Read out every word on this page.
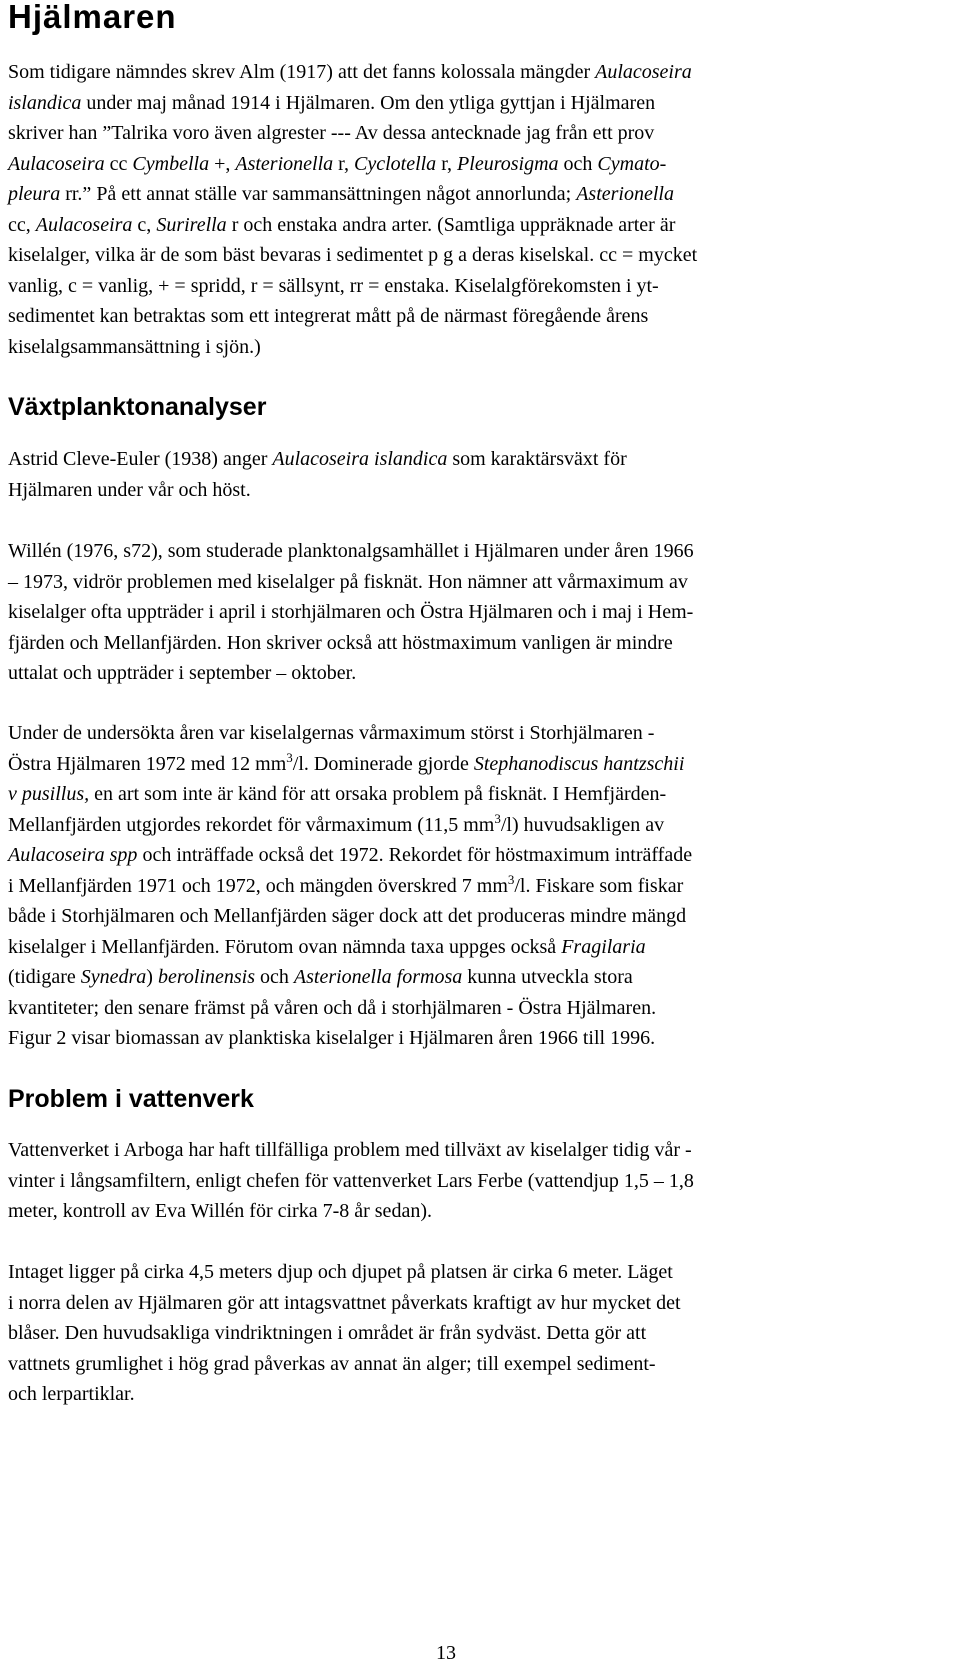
Hjälmaren
Som tidigare nämndes skrev Alm (1917) att det fanns kolossala mängder Aulacoseira
islandica under maj månad 1914 i Hjälmaren. Om den ytliga gyttjan i Hjälmaren
skriver han ”Talrika voro även algrester --- Av dessa antecknade jag från ett prov
Aulacoseira cc Cymbella +, Asterionella r, Cyclotella r, Pleurosigma och Cymato-
pleura rr.” På ett annat ställe var sammansättningen något annorlunda; Asterionella
cc, Aulacoseira c, Surirella r och enstaka andra arter. (Samtliga uppräknade arter är
kiselalger, vilka är de som bäst bevaras i sedimentet p g a deras kiselskal. cc = mycket
vanlig, c = vanlig, + = spridd, r = sällsynt, rr = enstaka. Kiselalgförekomsten i yt-
sedimentet kan betraktas som ett integrerat mått på de närmast föregående årens
kiselalgsammansättning i sjön.)
Växtplanktonanalyser
Astrid Cleve-Euler (1938) anger Aulacoseira islandica som karaktärsväxt för
Hjälmaren under vår och höst.
Willén (1976, s72), som studerade planktonalgsamhället i Hjälmaren under åren 1966
– 1973, vidrör problemen med kiselalger på fisknät. Hon nämner att vårmaximum av
kiselalger ofta uppträder i april i storhjälmaren och Östra Hjälmaren och i maj i Hem-
fjärden och Mellanfjärden. Hon skriver också att höstmaximum vanligen är mindre
uttalat och uppträder i september – oktober.
Under de undersökta åren var kiselalgernas vårmaximum störst i Storhjälmaren -
Östra Hjälmaren 1972 med 12 $mm^3/l$. Dominerade gjorde Stephanodiscus hantzschii
v pusillus, en art som inte är känd för att orsaka problem på fisknät. I Hemfjärden-
Mellanfjärden utgjordes rekordet för vårmaximum (11,5 $mm^3/l$) huvudsakligen av
Aulacoseira spp och inträffade också det 1972. Rekordet för höstmaximum inträffade
i Mellanfjärden 1971 och 1972, och mängden överskred 7 $mm^3/l$. Fiskare som fiskar
både i Storhjälmaren och Mellanfjärden säger dock att det produceras mindre mängd
kiselalger i Mellanfjärden. Förutom ovan nämnda taxa uppges också Fragilaria
(tidigare Synedra) berolinensis och Asterionella formosa kunna utveckla stora
kvantiteter; den senare främst på våren och då i storhjälmaren - Östra Hjälmaren.
Figur 2 visar biomassan av planktiska kiselalger i Hjälmaren åren 1966 till 1996.
Problem i vattenverk
Vattenverket i Arboga har haft tillfälliga problem med tillväxt av kiselalger tidig vår -
vinter i långsamfiltern, enligt chefen för vattenverket Lars Ferbe (vattendjup 1,5 – 1,8
meter, kontroll av Eva Willén för cirka 7-8 år sedan).
Intaget ligger på cirka 4,5 meters djup och djupet på platsen är cirka 6 meter. Läget
i norra delen av Hjälmaren gör att intagsvattnet påverkats kraftigt av hur mycket det
blåser. Den huvudsakliga vindriktningen i området är från sydväst. Detta gör att
vattnets grumlighet i hög grad påverkas av annat än alger; till exempel sediment-
och lerpartiklar.
13
